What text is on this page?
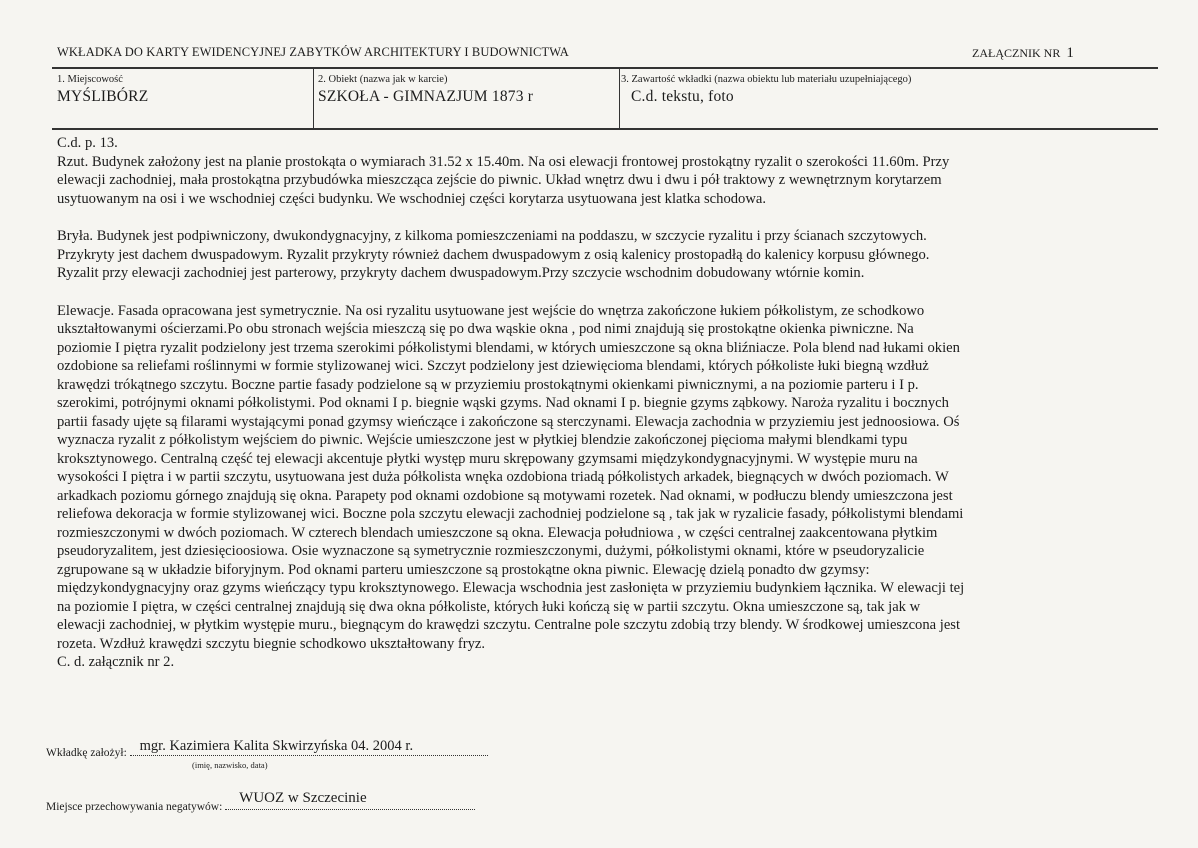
WKŁADKA DO KARTY EWIDENCYJNEJ ZABYTKÓW ARCHITEKTURY I BUDOWNICTWA	ZAŁĄCZNIK NR 1
1. Miejscowość
MYŚLIBÓRZ
2. Obiekt (nazwa jak w karcie)
SZKOŁA - GIMNAZJUM 1873 r
3. Zawartość wkładki (nazwa obiektu lub materiału uzupełniającego)
C.d. tekstu, foto

C.d. p. 13.

Rzut. Budynek założony jest na planie prostokąta o wymiarach 31.52 x 15.40m. Na osi elewacji frontowej prostokątny ryzalit o szerokości 11.60m. Przy

elewacji zachodniej, mała prostokątna przybudówka mieszcząca zejście do piwnic. Układ wnętrz dwu i dwu i pół traktowy z wewnętrznym korytarzem

usytuowanym na osi i we wschodniej części budynku. We wschodniej części korytarza usytuowana jest klatka schodowa.

Bryła. Budynek jest podpiwniczony, dwukondygnacyjny, z kilkoma pomieszczeniami na poddaszu, w szczycie ryzalitu i przy ścianach szczytowych.

Przykryty jest dachem dwuspadowym. Ryzalit przykryty również dachem dwuspadowym z osią kalenicy prostopadłą do kalenicy korpusu głównego.

Ryzalit przy elewacji zachodniej jest parterowy, przykryty dachem dwuspadowym.Przy szczycie wschodnim dobudowany wtórnie komin.

Elewacje. Fasada opracowana jest symetrycznie. Na osi ryzalitu usytuowane jest wejście do wnętrza zakończone łukiem półkolistym, ze schodkowo

ukształtowanymi ościerzami.Po obu stronach wejścia mieszczą się po dwa wąskie okna , pod nimi znajdują się prostokątne okienka piwniczne. Na

poziomie I piętra ryzalit podzielony jest trzema szerokimi półkolistymi blendami, w których umieszczone są okna bliźniacze. Pola blend nad łukami okien

ozdobione sa reliefami roślinnymi w formie stylizowanej wici. Szczyt podzielony jest dziewięcioma blendami, których półkoliste łuki biegną wzdłuż

krawędzi trókątnego szczytu. Boczne partie fasady podzielone są w przyziemiu prostokątnymi okienkami piwnicznymi, a na poziomie parteru i I p.

szerokimi, potrójnymi oknami półkolistymi. Pod oknami I p. biegnie wąski gzyms. Nad oknami I p. biegnie gzyms ząbkowy. Naroża ryzalitu i bocznych

partii fasady ujęte są filarami wystającymi ponad gzymsy wieńczące i zakończone są sterczynami. Elewacja zachodnia w przyziemiu jest jednoosiowa. Oś

wyznacza ryzalit z półkolistym wejściem do piwnic. Wejście umieszczone jest w płytkiej blendzie zakończonej pięcioma małymi blendkami typu

kroksztynowego. Centralną część tej elewacji akcentuje płytki występ muru skrępowany gzymsami międzykondygnacyjnymi. W występie muru na

wysokości I piętra i w partii szczytu, usytuowana jest duża półkolista wnęka ozdobiona triadą półkolistych arkadek, biegnących w dwóch poziomach. W

arkadkach poziomu górnego znajdują się okna. Parapety pod oknami ozdobione są motywami rozetek. Nad oknami, w podłuczu blendy umieszczona jest

reliefowa dekoracja w formie stylizowanej wici. Boczne pola szczytu elewacji zachodniej podzielone są , tak jak w ryzalicie fasady, półkolistymi blendami

rozmieszczonymi w dwóch poziomach. W czterech blendach umieszczone są okna. Elewacja południowa , w części centralnej zaakcentowana płytkim

pseudoryzalitem, jest dziesięcioosiowa. Osie wyznaczone są symetrycznie rozmieszczonymi, dużymi, półkolistymi oknami, które w pseudoryzalicie

zgrupowane są w układzie biforyjnym. Pod oknami parteru umieszczone są prostokątne okna piwnic. Elewację dzielą ponadto dw gzymsy:

międzykondygnacyjny oraz gzyms wieńczący typu kroksztynowego. Elewacja wschodnia jest zasłonięta w przyziemiu budynkiem łącznika. W elewacji tej

na poziomie I piętra, w części centralnej znajdują się dwa okna półkoliste, których łuki kończą się w partii szczytu. Okna umieszczone są, tak jak w

elewacji zachodniej, w płytkim występie muru., biegnącym do krawędzi szczytu. Centralne pole szczytu zdobią trzy blendy. W środkowej umieszcona jest

rozeta. Wzdłuż krawędzi szczytu biegnie schodkowo ukształtowany fryz.

C. d. załącznik nr 2.

Wkładkę założył: mgr. Kazimiera Kalita Skwirzyńska 04. 2004 r.
(imię, nazwisko, data)
Miejsce przechowywania negatywów:
WUOZ w Szczecinie
